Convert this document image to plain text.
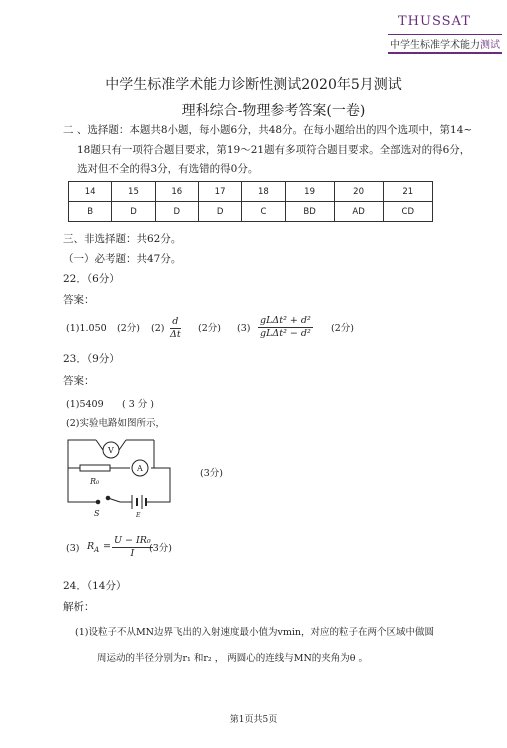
THUSSAT
中学生标准学术能力测试
中学生标准学术能力诊断性测试2020年5月测试
理科综合-物理参考答案(一卷)
二 、选择题：本题共8小题，每小题6分，共48分。在每小题给出的四个选项中，第14~
18题只有一项符合题目要求，第19～21题有多项符合题目要求。全部选对的得6分，
选对但不全的得3分，有选错的得0分。
14	15	16	17	18	19	20	21
B	D	D	D	C	BD	AD	CD
三、非选择题：共62分。
（一）必考题：共47分。
22．（6分）
答案：
(1)1.050 (2分) $(2) \frac{d}{\Delta t} (2$分) (3)
gLΔt² + d²
gLΔt² − d² (2分)
23．（9分）
答案：
(1)5409 ( 3 分 )
(2)实验电路如图所示，
V
A
R₀
S	E
(3分)
(3) $R_A = \frac{\text{U − IR₀}}{I}$
(3分)
24．（14分）
解析：
(1)设粒子不从MN边界飞出的入射速度最小值为vmin，对应的粒子在两个区域中做圆
周运动的半径分别为r₁ 和r₂ ， 两圆心的连线与MN的夹角为θ 。
第1页共5页
